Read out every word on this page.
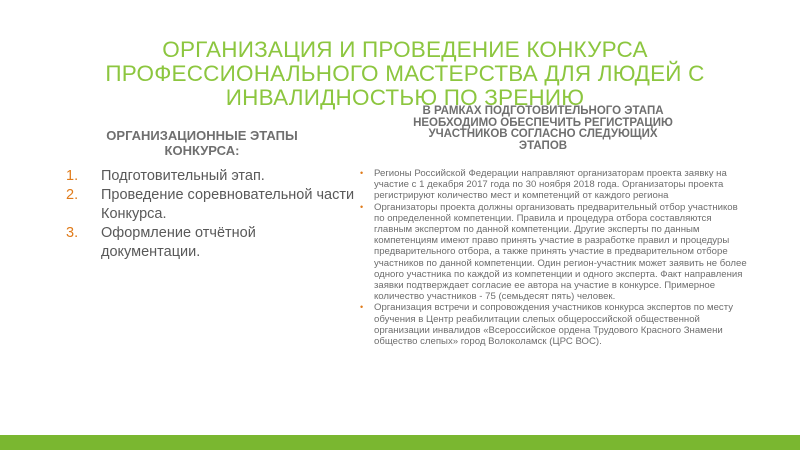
ОРГАНИЗАЦИЯ И ПРОВЕДЕНИЕ КОНКУРСА ПРОФЕССИОНАЛЬНОГО МАСТЕРСТВА ДЛЯ ЛЮДЕЙ С ИНВАЛИДНОСТЬЮ ПО ЗРЕНИЮ
ОРГАНИЗАЦИОННЫЕ ЭТАПЫ КОНКУРСА:
1.	Подготовительный этап.
2.	Проведение соревновательной части Конкурса.
3.	Оформление отчётной документации.
В РАМКАХ ПОДГОТОВИТЕЛЬНОГО ЭТАПА НЕОБХОДИМО ОБЕСПЕЧИТЬ РЕГИСТРАЦИЮ УЧАСТНИКОВ СОГЛАСНО СЛЕДУЮЩИХ ЭТАПОВ
•	Регионы Российской Федерации направляют организаторам проекта заявку на участие с 1 декабря 2017 года по 30 ноября 2018 года. Организаторы проекта регистрируют количество мест и компетенций от каждого региона
•	Организаторы проекта должны организовать предварительный отбор участников по определенной компетенции. Правила и процедура отбора составляются главным экспертом по данной компетенции. Другие эксперты по данным компетенциям имеют право принять участие в разработке правил и процедуры предварительного отбора, а также принять участие в предварительном отборе участников по данной компетенции. Один регион-участник может заявить не более одного участника по каждой из компетенции и одного эксперта. Факт направления заявки подтверждает согласие ее автора на участие в конкурсе. Примерное количество участников - 75 (семьдесят пять) человек.
•	Организация встречи и сопровождения участников конкурса экспертов по месту обучения в Центр реабилитации слепых общероссийской общественной организации инвалидов «Всероссийское ордена Трудового Красного Знамени общество слепых» город Волоколамск (ЦРС ВОС).
